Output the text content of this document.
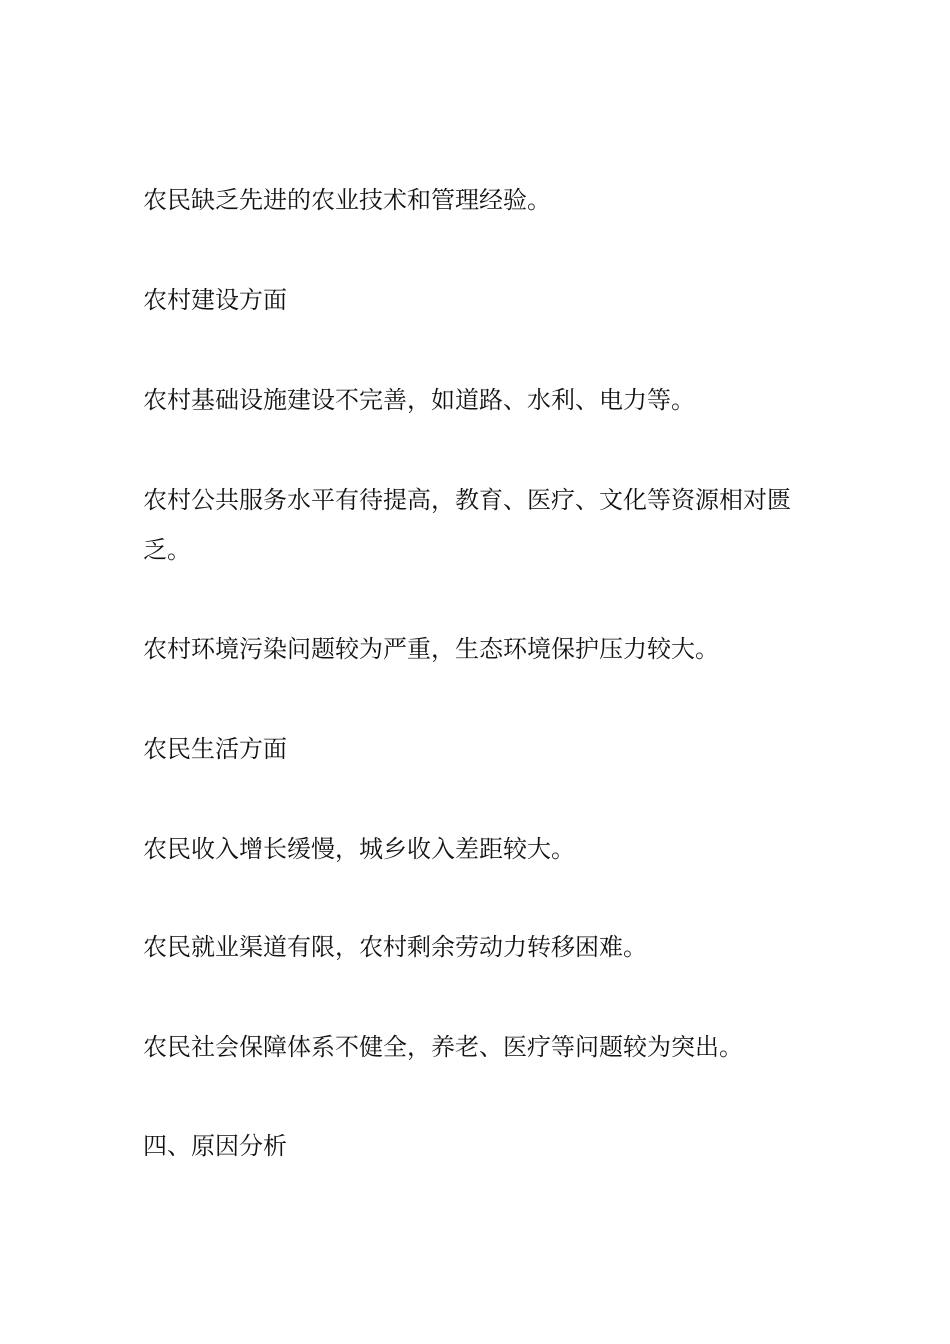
农民缺乏先进的农业技术和管理经验。
农村建设方面
农村基础设施建设不完善，如道路、水利、电力等。
农村公共服务水平有待提高，教育、医疗、文化等资源相对匮乏。
农村环境污染问题较为严重，生态环境保护压力较大。
农民生活方面
农民收入增长缓慢，城乡收入差距较大。
农民就业渠道有限，农村剩余劳动力转移困难。
农民社会保障体系不健全，养老、医疗等问题较为突出。
四、原因分析
